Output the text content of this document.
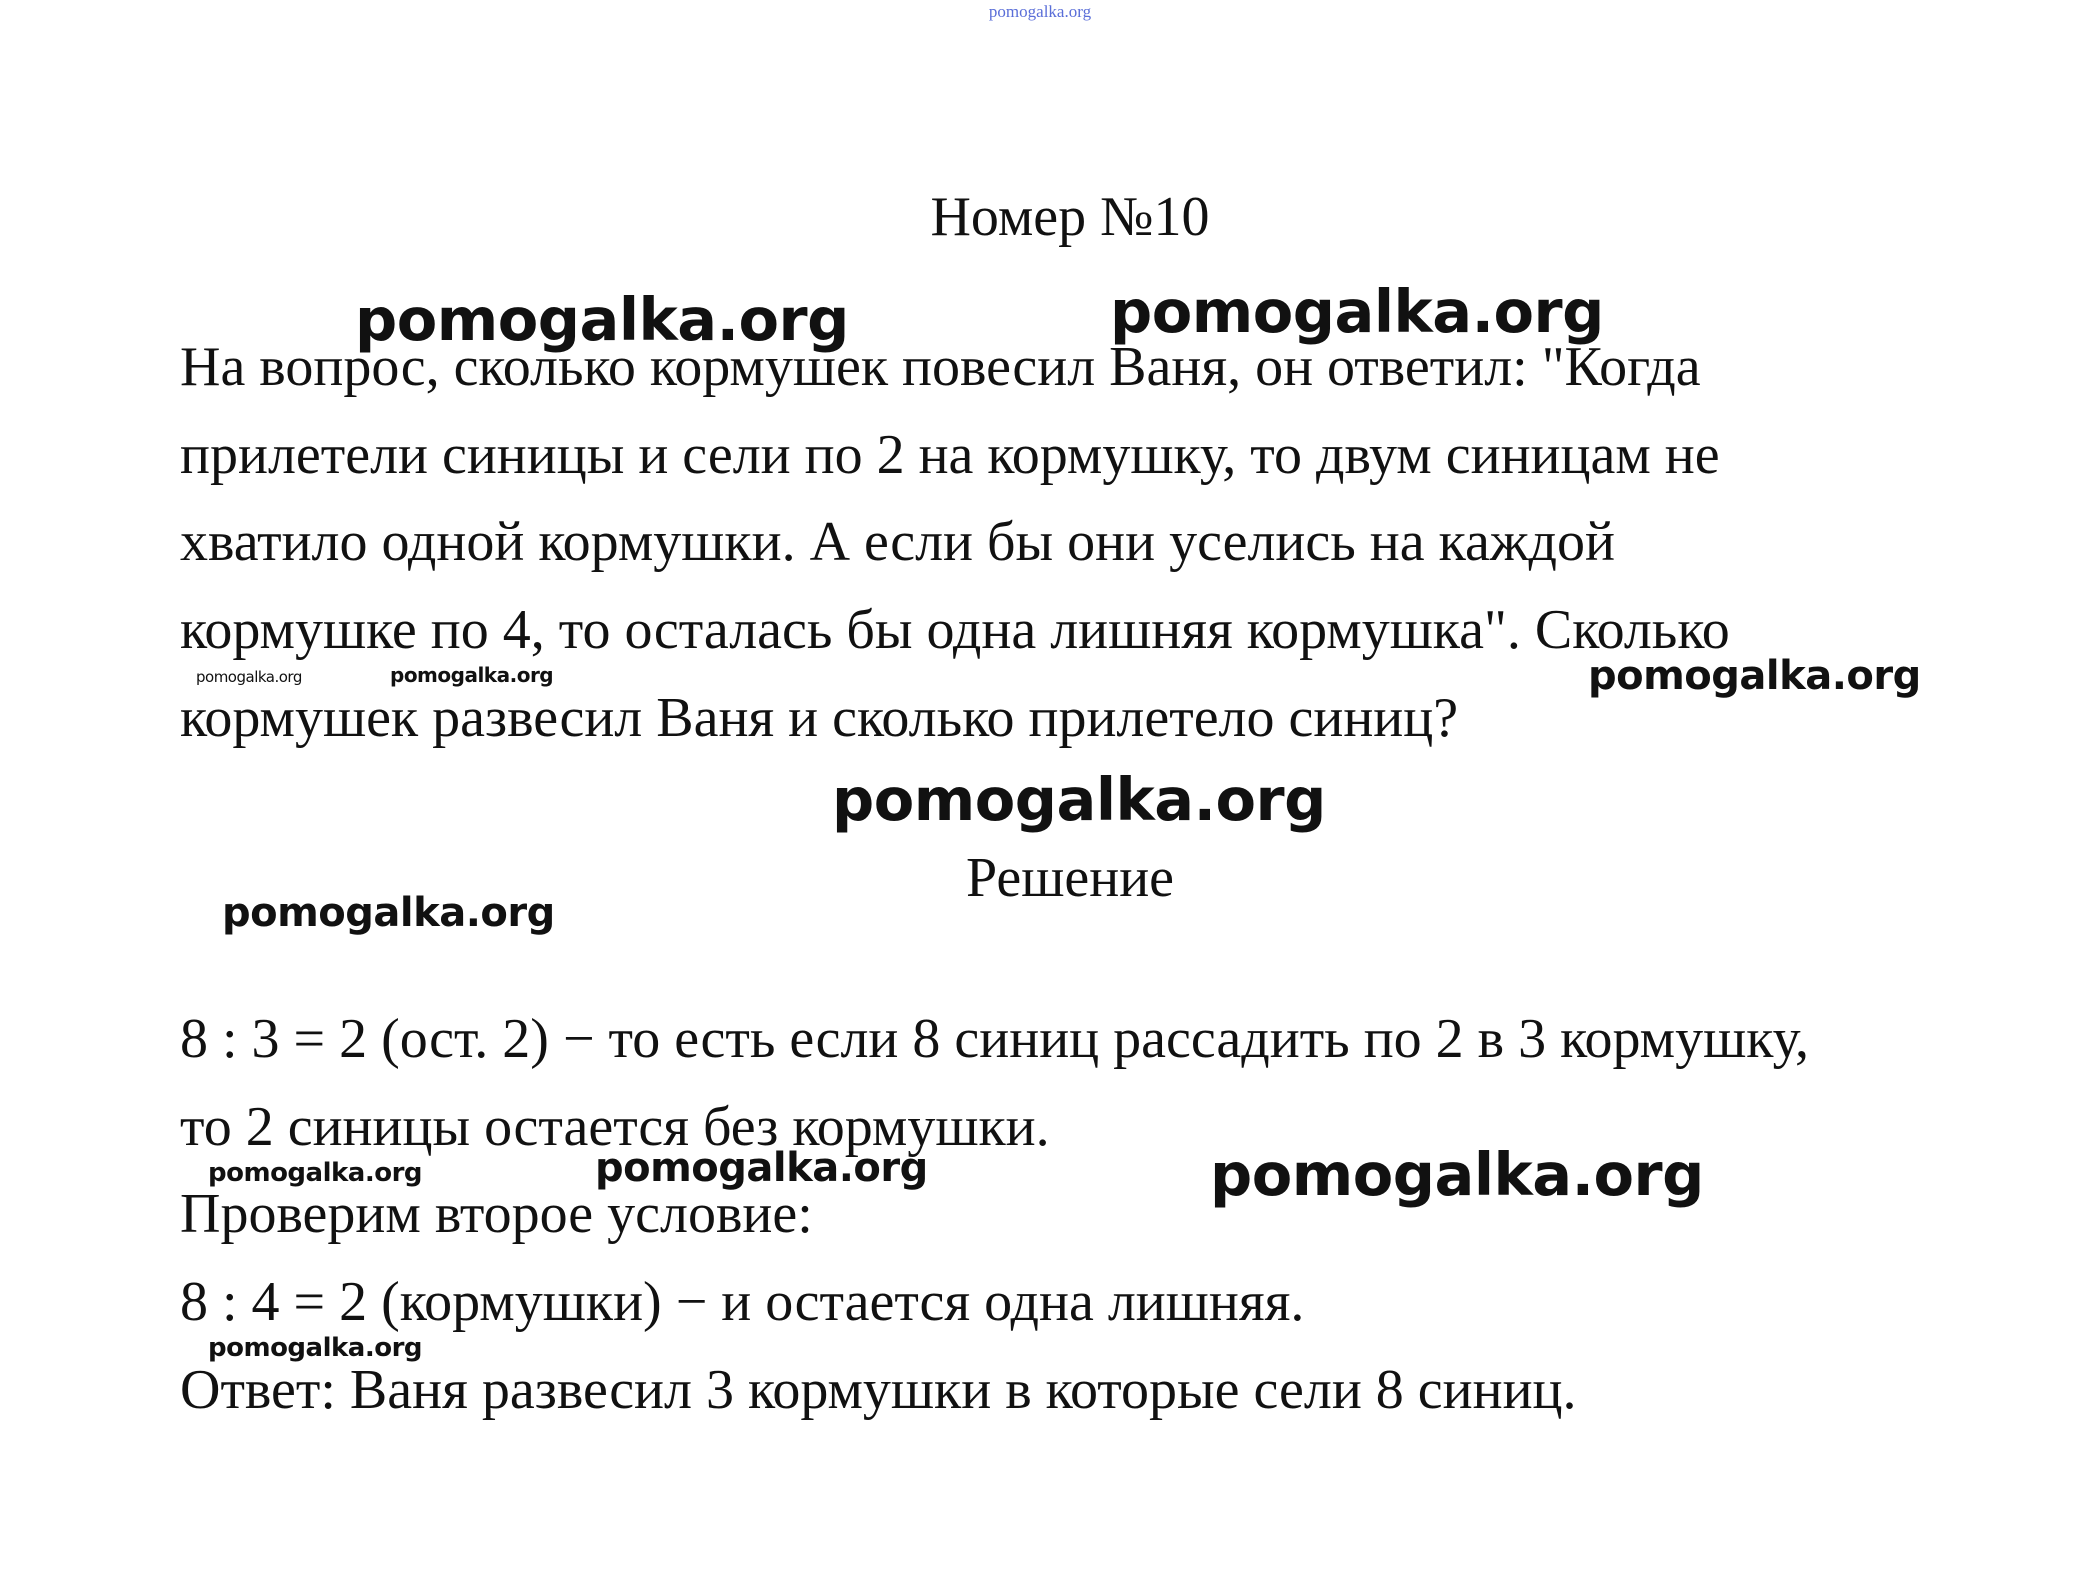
pomogalka.org
Номер №10
pomogalka.org	pomogalka.org
pomogalka.org	pomogalka.org	pomogalka.org
pomogalka.org
pomogalka.org
pomogalka.org	pomogalka.org	pomogalka.org
pomogalka.org
На вопрос, сколько кормушек повесил Ваня, он ответил: "Когда
прилетели синицы и сели по 2 на кормушку, то двум синицам не
хватило одной кормушки. А если бы они уселись на каждой
кормушке по 4, то осталась бы одна лишняя кормушка". Сколько
кормушек развесил Ваня и сколько прилетело синиц?
Решение
8 : 3 = 2 (ост. 2) − то есть если 8 синиц рассадить по 2 в 3 кормушку,
то 2 синицы остается без кормушки.
Проверим второе условие:
8 : 4 = 2 (кормушки) − и остается одна лишняя.
Ответ: Ваня развесил 3 кормушки в которые сели 8 синиц.
